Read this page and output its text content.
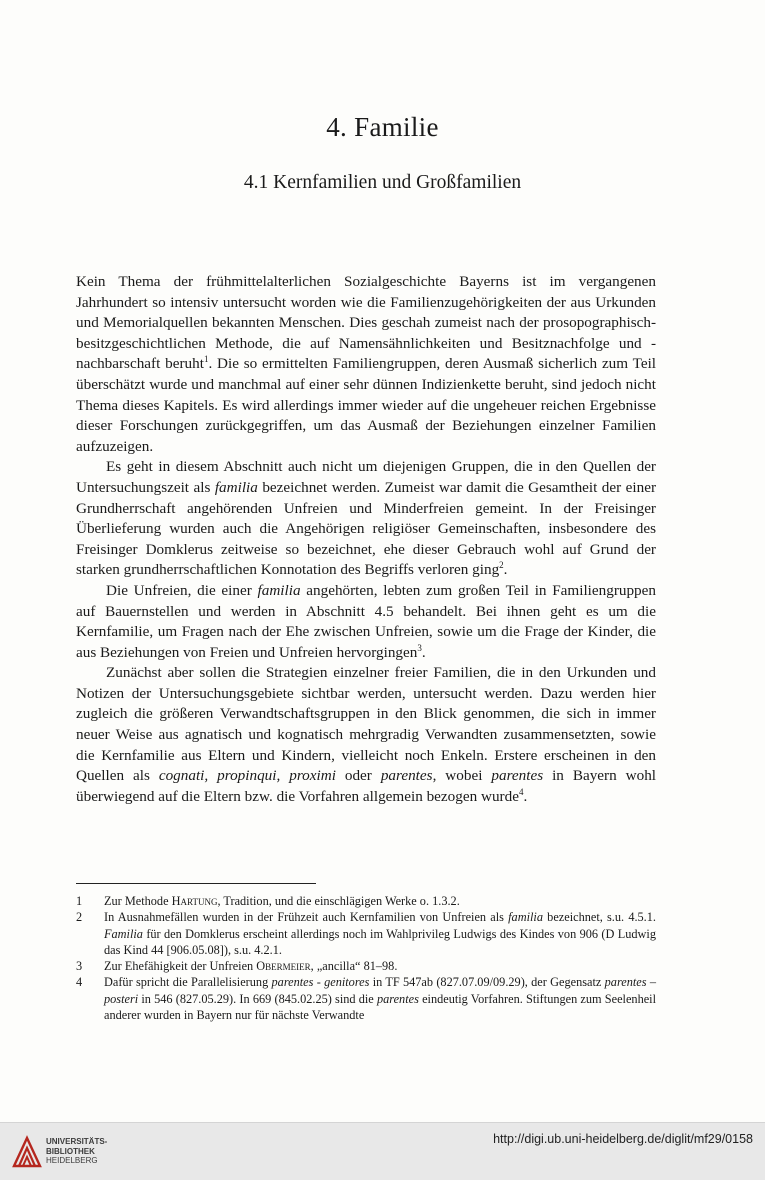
4. Familie
4.1 Kernfamilien und Großfamilien

Kein Thema der frühmittelalterlichen Sozialgeschichte Bayerns ist im vergangenen Jahrhundert so intensiv untersucht worden wie die Familienzugehörigkeiten der aus Urkunden und Memorialquellen bekannten Menschen. Dies geschah zumeist nach der prosopographisch-besitzgeschichtlichen Methode, die auf Namensähnlichkeiten und Besitznachfolge und -nachbarschaft beruht$^1$. Die so ermittelten Familiengruppen, deren Ausmaß sicherlich zum Teil überschätzt wurde und manchmal auf einer sehr dünnen Indizienkette beruht, sind jedoch nicht Thema dieses Kapitels. Es wird allerdings immer wieder auf die ungeheuer reichen Ergebnisse dieser Forschungen zurückgegriffen, um das Ausmaß der Beziehungen einzelner Familien aufzuzeigen.

Es geht in diesem Abschnitt auch nicht um diejenigen Gruppen, die in den Quellen der Untersuchungszeit als familia bezeichnet werden. Zumeist war damit die Gesamtheit der einer Grundherrschaft angehörenden Unfreien und Minderfreien gemeint. In der Freisinger Überlieferung wurden auch die Angehörigen religiöser Gemeinschaften, insbesondere des Freisinger Domklerus zeitweise so bezeichnet, ehe dieser Gebrauch wohl auf Grund der starken grundherrschaftlichen Konnotation des Begriffs verloren ging$^2$.

Die Unfreien, die einer familia angehörten, lebten zum großen Teil in Familiengruppen auf Bauernstellen und werden in Abschnitt 4.5 behandelt. Bei ihnen geht es um die Kernfamilie, um Fragen nach der Ehe zwischen Unfreien, sowie um die Frage der Kinder, die aus Beziehungen von Freien und Unfreien hervorgingen$^3$.

Zunächst aber sollen die Strategien einzelner freier Familien, die in den Urkunden und Notizen der Untersuchungsgebiete sichtbar werden, untersucht werden. Dazu werden hier zugleich die größeren Verwandtschaftsgruppen in den Blick genommen, die sich in immer neuer Weise aus agnatisch und kognatisch mehrgradig Verwandten zusammensetzten, sowie die Kernfamilie aus Eltern und Kindern, vielleicht noch Enkeln. Erstere erscheinen in den Quellen als cognati, propinqui, proximi oder parentes, wobei parentes in Bayern wohl überwiegend auf die Eltern bzw. die Vorfahren allgemein bezogen wurde$^4$.

1	Zur Methode Hartung, Tradition, und die einschlägigen Werke o. 1.3.2.
2	In Ausnahmefällen wurden in der Frühzeit auch Kernfamilien von Unfreien als familia bezeichnet, s.u. 4.5.1. Familia für den Domklerus erscheint allerdings noch im Wahlprivileg Ludwigs des Kindes von 906 (D Ludwig das Kind 44 [906.05.08]), s.u. 4.2.1.
3	Zur Ehefähigkeit der Unfreien Obermeier, „ancilla“ 81–98.
4	Dafür spricht die Parallelisierung parentes - genitores in TF 547ab (827.07.09/09.29), der Gegensatz parentes – posteri in 546 (827.05.29). In 669 (845.02.25) sind die parentes eindeutig Vorfahren. Stiftungen zum Seelenheil anderer wurden in Bayern nur für nächste Verwandte
UNIVERSITÄTS-
BIBLIOTHEK
HEIDELBERG
http://digi.ub.uni-heidelberg.de/diglit/mf29/0158
